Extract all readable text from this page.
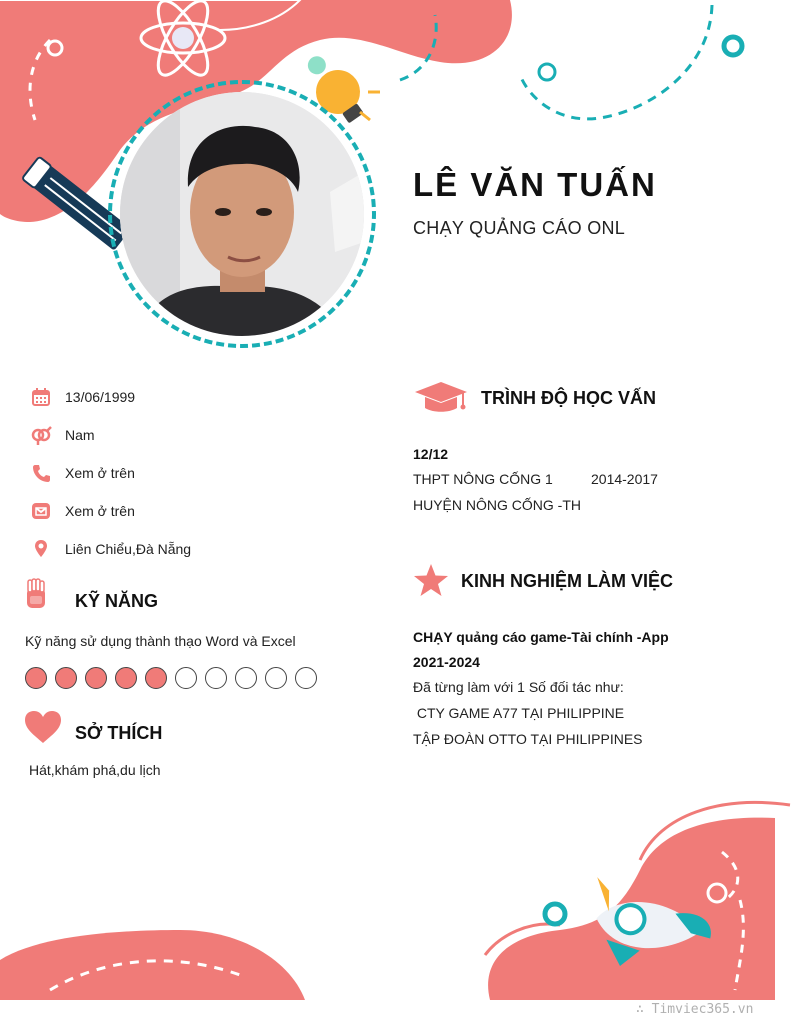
LÊ VĂN TUẤN
CHẠY QUẢNG CÁO ONL
13/06/1999
Nam
Xem ở trên
Xem ở trên
Liên Chiểu,Đà Nẵng
KỸ NĂNG
Kỹ năng sử dụng thành thạo Word và Excel
SỞ THÍCH
Hát,khám phá,du lịch
TRÌNH ĐỘ HỌC VẤN
12/12
THPT NÔNG CỐNG 1	2014-2017
HUYỆN NÔNG CỐNG -TH
KINH NGHIỆM LÀM VIỆC
CHẠY quảng cáo game-Tài chính -App
2021-2024
Đã từng làm với 1 Số đối tác như:
CTY GAME A77 TẠI PHILIPPINE
TẬP ĐOÀN OTTO TẠI PHILIPPINES
∴ Timviec365.vn
